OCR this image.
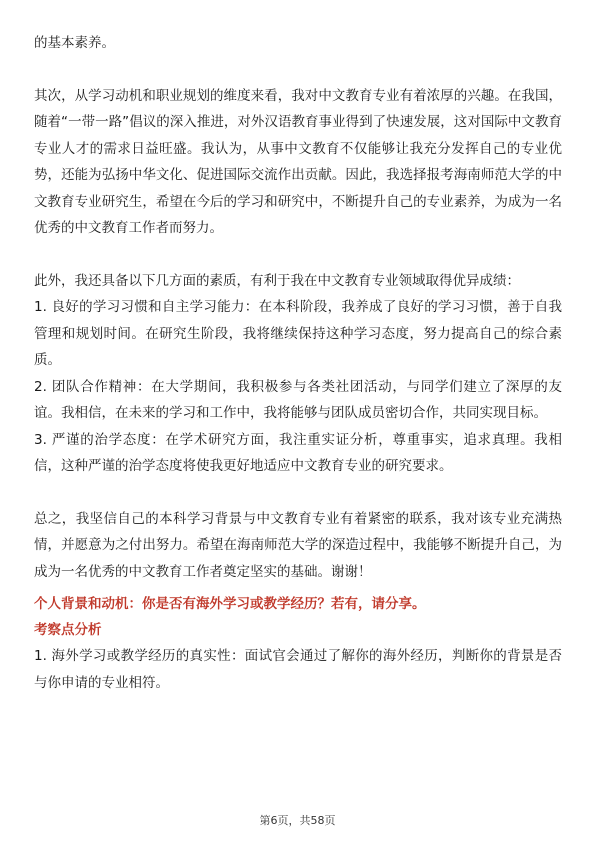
的基本素养。

其次，从学习动机和职业规划的维度来看，我对中文教育专业有着浓厚的兴趣。在我国，随着“一带一路”倡议的深入推进，对外汉语教育事业得到了快速发展，这对国际中文教育专业人才的需求日益旺盛。我认为，从事中文教育不仅能够让我充分发挥自己的专业优势，还能为弘扬中华文化、促进国际交流作出贡献。因此，我选择报考海南师范大学的中文教育专业研究生，希望在今后的学习和研究中，不断提升自己的专业素养，为成为一名优秀的中文教育工作者而努力。

此外，我还具备以下几方面的素质，有利于我在中文教育专业领域取得优异成绩：

1. 良好的学习习惯和自主学习能力：在本科阶段，我养成了良好的学习习惯，善于自我管理和规划时间。在研究生阶段，我将继续保持这种学习态度，努力提高自己的综合素质。

2. 团队合作精神：在大学期间，我积极参与各类社团活动，与同学们建立了深厚的友谊。我相信，在未来的学习和工作中，我将能够与团队成员密切合作，共同实现目标。

3. 严谨的治学态度：在学术研究方面，我注重实证分析，尊重事实，追求真理。我相信，这种严谨的治学态度将使我更好地适应中文教育专业的研究要求。

总之，我坚信自己的本科学习背景与中文教育专业有着紧密的联系，我对该专业充满热情，并愿意为之付出努力。希望在海南师范大学的深造过程中，我能够不断提升自己，为成为一名优秀的中文教育工作者奠定坚实的基础。谢谢！

个人背景和动机：你是否有海外学习或教学经历？若有，请分享。
考察点分析

1. 海外学习或教学经历的真实性：面试官会通过了解你的海外经历，判断你的背景是否与你申请的专业相符。

第6页，共58页
